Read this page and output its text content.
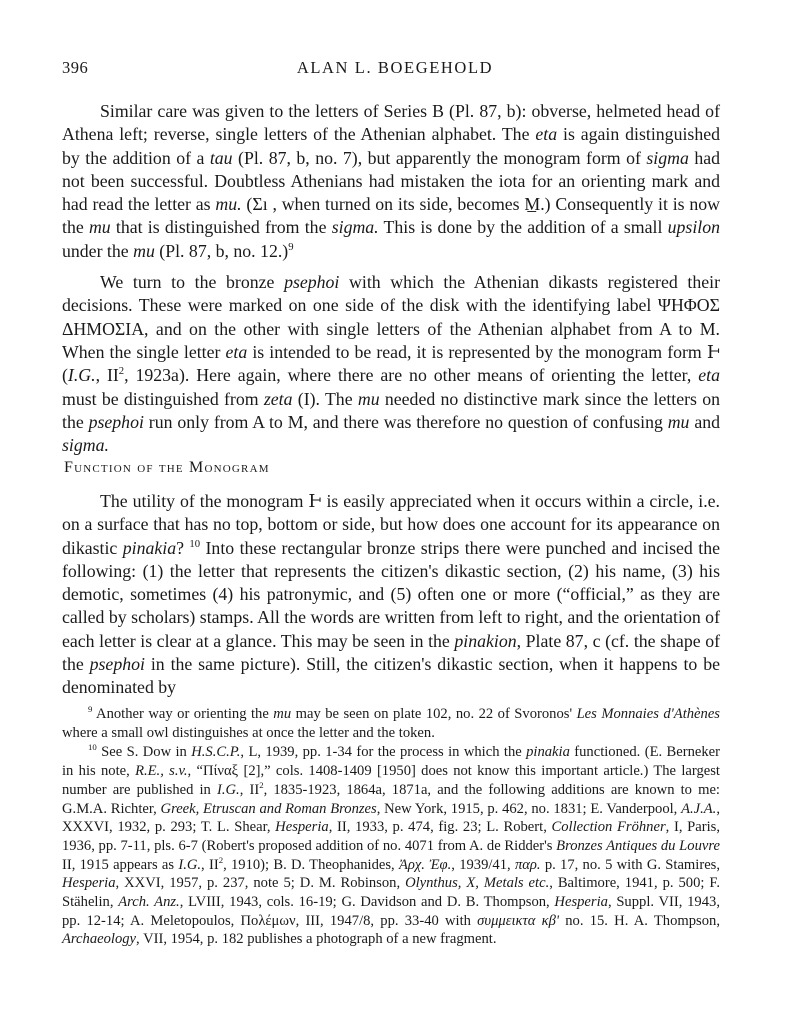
396	ALAN L. BOEGEHOLD

Similar care was given to the letters of Series B (Pl. 87, b): obverse, helmeted head of Athena left; reverse, single letters of the Athenian alphabet. The eta is again distinguished by the addition of a tau (Pl. 87, b, no. 7), but apparently the monogram form of sigma had not been successful. Doubtless Athenians had mistaken the iota for an orienting mark and had read the letter as mu. (Σı , when turned on its side, becomes M̲.) Consequently it is now the mu that is distinguished from the sigma. This is done by the addition of a small upsilon under the mu (Pl. 87, b, no. 12.)$^9$

We turn to the bronze psephoi with which the Athenian dikasts registered their decisions. These were marked on one side of the disk with the identifying label ΨΗΦΟΣ ΔΗΜΟΣΙΑ, and on the other with single letters of the Athenian alphabet from A to M. When the single letter eta is intended to be read, it is represented by the monogram form Ͱ (I.G., $II^2$, 1923a). Here again, where there are no other means of orienting the letter, eta must be distinguished from zeta (I). The mu needed no distinctive mark since the letters on the psephoi run only from A to M, and there was therefore no question of confusing mu and sigma.

Function of the Monogram

The utility of the monogram Ͱ is easily appreciated when it occurs within a circle, i.e. on a surface that has no top, bottom or side, but how does one account for its appearance on dikastic pinakia? $^{10}$ Into these rectangular bronze strips there were punched and incised the following: (1) the letter that represents the citizen's dikastic section, (2) his name, (3) his demotic, sometimes (4) his patronymic, and (5) often one or more (“official,” as they are called by scholars) stamps. All the words are written from left to right, and the orientation of each letter is clear at a glance. This may be seen in the pinakion, Plate 87, c (cf. the shape of the psephoi in the same picture). Still, the citizen's dikastic section, when it happens to be denominated by

$^9$ Another way or orienting the mu may be seen on plate 102, no. 22 of Svoronos' Les Monnaies d'Athènes where a small owl distinguishes at once the letter and the token.

$^{10}$ See S. Dow in H.S.C.P., L, 1939, pp. 1-34 for the process in which the pinakia functioned. (E. Berneker in his note, R.E., s.v., “Πίναξ [2],” cols. 1408-1409 [1950] does not know this important article.) The largest number are published in I.G., $II^2$, 1835-1923, 1864a, 1871a, and the following additions are known to me: G.M.A. Richter, Greek, Etruscan and Roman Bronzes, New York, 1915, p. 462, no. 1831; E. Vanderpool, A.J.A., XXXVI, 1932, p. 293; T. L. Shear, Hesperia, II, 1933, p. 474, fig. 23; L. Robert, Collection Fröhner, I, Paris, 1936, pp. 7-11, pls. 6-7 (Robert's proposed addition of no. 4071 from A. de Ridder's Bronzes Antiques du Louvre II, 1915 appears as I.G., $II^2$, 1910); B. D. Theophanides, Ἀρχ. Ἐφ., 1939/41, παρ. p. 17, no. 5 with G. Stamires, Hesperia, XXVI, 1957, p. 237, note 5; D. M. Robinson, Olynthus, X, Metals etc., Baltimore, 1941, p. 500; F. Stähelin, Arch. Anz., LVIII, 1943, cols. 16-19; G. Davidson and D. B. Thompson, Hesperia, Suppl. VII, 1943, pp. 12-14; A. Meletopoulos, Πολέμων, III, 1947/8, pp. 33-40 with συμμεικτα κβ' no. 15. H. A. Thompson, Archaeology, VII, 1954, p. 182 publishes a photograph of a new fragment.
